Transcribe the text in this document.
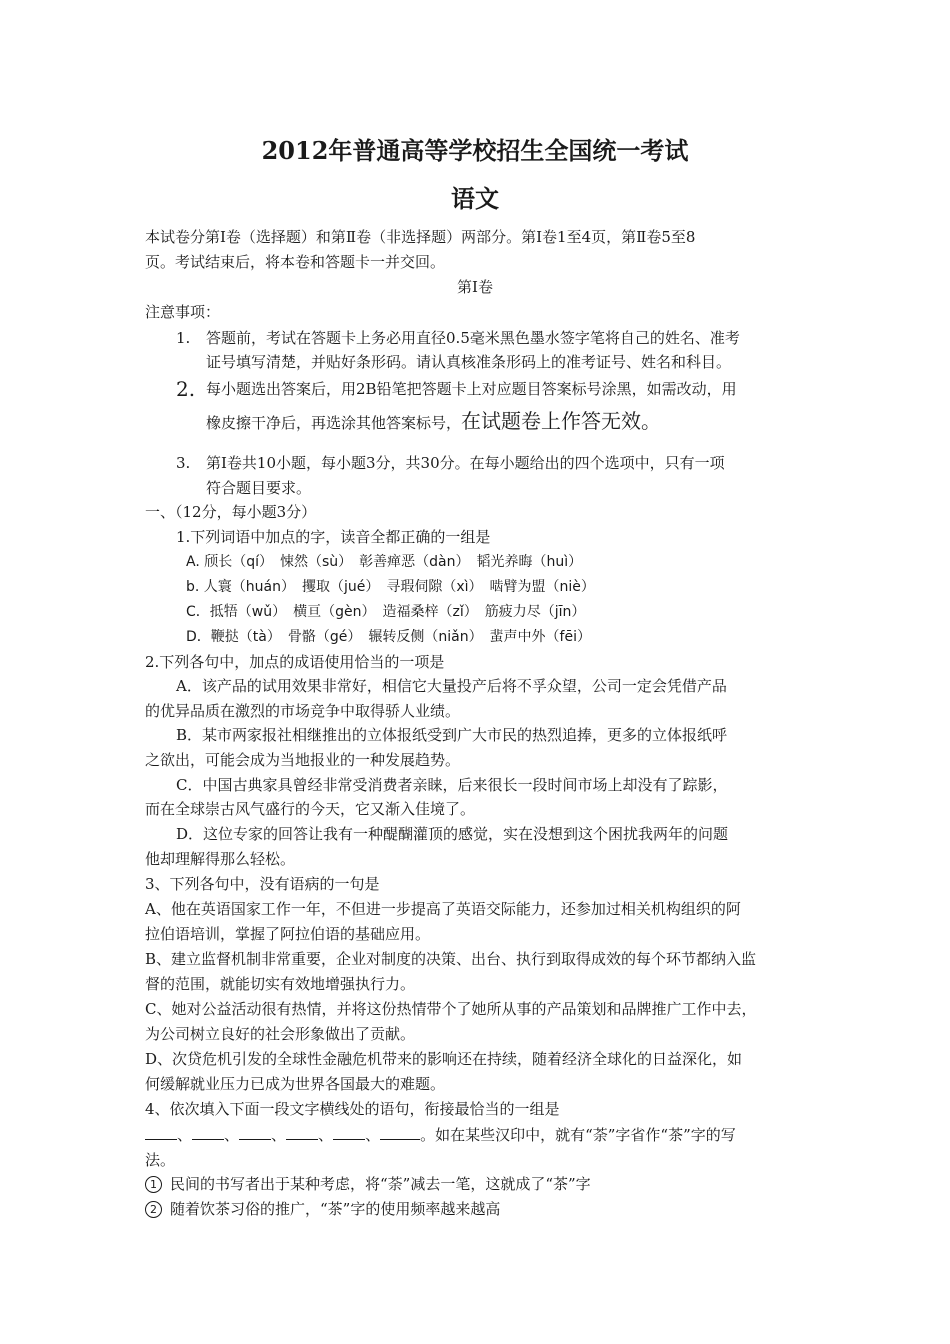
2012年普通高等学校招生全国统一考试
语文
本试卷分第Ⅰ卷（选择题）和第Ⅱ卷（非选择题）两部分。第Ⅰ卷1至4页，第Ⅱ卷5至8
页。考试结束后，将本卷和答题卡一并交回。
第Ⅰ卷
注意事项：
1. 答题前，考试在答题卡上务必用直径0.5毫米黑色墨水签字笔将自己的姓名、准考
证号填写清楚，并贴好条形码。请认真核准条形码上的准考证号、姓名和科目。
2. 每小题选出答案后，用2B铅笔把答题卡上对应题目答案标号涂黑，如需改动，用
橡皮擦干净后，再选涂其他答案标号，在试题卷上作答无效。
3. 第Ⅰ卷共10小题，每小题3分，共30分。在每小题给出的四个选项中，只有一项
符合题目要求。
一、（12分，每小题3分）
1.下列词语中加点的字，读音全都正确的一组是
A. 颀长（qí）　悚然（sù）　彰善瘅恶（dàn）　韬光养晦（huì）
b. 人寰（huán）　攫取（jué）　寻瑕伺隙（xì）　啮臂为盟（niè）
C．抵牾（wǔ）　横亘（gèn）　造福桑梓（zǐ）　筋疲力尽（jīn）
D．鞭挞（tà）　骨骼（gé）　辗转反侧（niǎn）　蜚声中外（fēi）
2.下列各句中，加点的成语使用恰当的一项是
A．该产品的试用效果非常好，相信它大量投产后将不孚众望，公司一定会凭借产品
的优异品质在激烈的市场竞争中取得骄人业绩。
B．某市两家报社相继推出的立体报纸受到广大市民的热烈追捧，更多的立体报纸呼
之欲出，可能会成为当地报业的一种发展趋势。
C．中国古典家具曾经非常受消费者亲睐，后来很长一段时间市场上却没有了踪影，
而在全球崇古风气盛行的今天，它又渐入佳境了。
D．这位专家的回答让我有一种醍醐灌顶的感觉，实在没想到这个困扰我两年的问题
他却理解得那么轻松。
3、下列各句中，没有语病的一句是
A、他在英语国家工作一年，不但进一步提高了英语交际能力，还参加过相关机构组织的阿
拉伯语培训，掌握了阿拉伯语的基础应用。
B、建立监督机制非常重要，企业对制度的决策、出台、执行到取得成效的每个环节都纳入监
督的范围，就能切实有效地增强执行力。
C、她对公益活动很有热情，并将这份热情带个了她所从事的产品策划和品牌推广工作中去，
为公司树立良好的社会形象做出了贡献。
D、次贷危机引发的全球性金融危机带来的影响还在持续，随着经济全球化的日益深化，如
何缓解就业压力已成为世界各国最大的难题。
4、依次填入下面一段文字横线处的语句，衔接最恰当的一组是
、 、 、 、 、	。如在某些汉印中，就有“荼”字省作“茶”字的写
法。
1 民间的书写者出于某种考虑，将“荼”减去一笔，这就成了“茶”字
2 随着饮茶习俗的推广，“茶”字的使用频率越来越高
